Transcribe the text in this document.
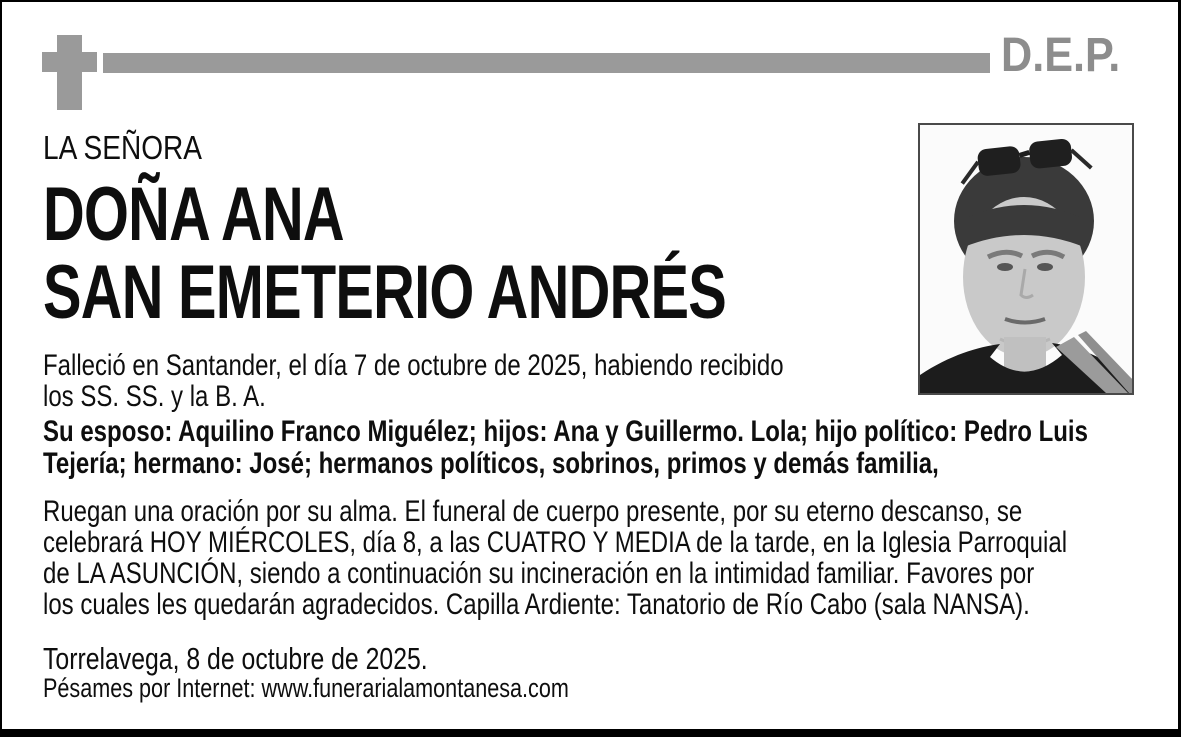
D.E.P.
LA SEÑORA
DOÑA ANA
SAN EMETERIO ANDRÉS
Falleció en Santander, el día 7 de octubre de 2025, habiendo recibido
los SS. SS. y la B. A.
Su esposo: Aquilino Franco Miguélez; hijos: Ana y Guillermo. Lola; hijo político: Pedro Luis
Tejería; hermano: José; hermanos políticos, sobrinos, primos y demás familia,
Ruegan una oración por su alma. El funeral de cuerpo presente, por su eterno descanso, se
celebrará HOY MIÉRCOLES, día 8, a las CUATRO Y MEDIA de la tarde, en la Iglesia Parroquial
de LA ASUNCIÓN, siendo a continuación su incineración en la intimidad familiar. Favores por
los cuales les quedarán agradecidos. Capilla Ardiente: Tanatorio de Río Cabo (sala NANSA).
Torrelavega, 8 de octubre de 2025.
Pésames por Internet: www.funerarialamontanesa.com
